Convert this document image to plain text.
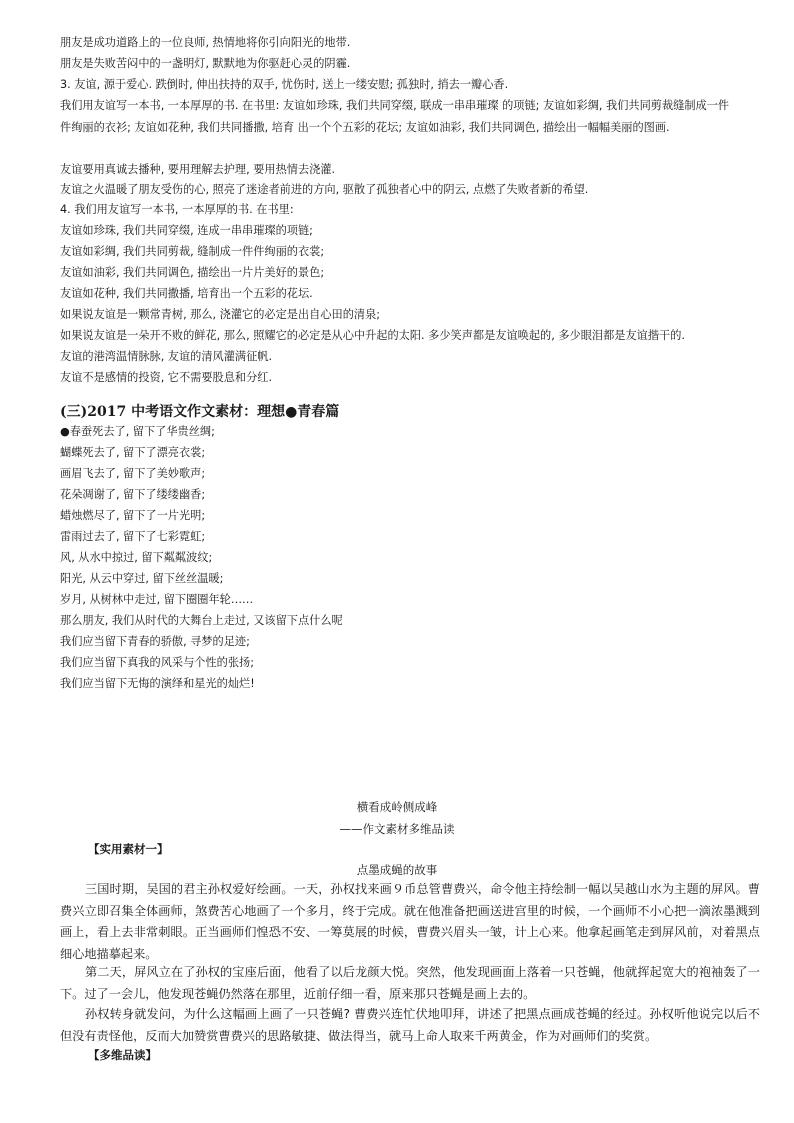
朋友是成功道路上的一位良师, 热情地将你引向阳光的地带.
朋友是失败苦闷中的一盏明灯, 默默地为你驱赶心灵的阴霾.
3. 友谊, 源于爱心. 跌倒时, 伸出扶持的双手, 忧伤时, 送上一缕安慰; 孤独时, 捎去一瓣心香.
我们用友谊写一本书, 一本厚厚的书. 在书里: 友谊如珍珠, 我们共同穿缀, 联成一串串璀璨 的项链; 友谊如彩绸, 我们共同剪裁缝制成一件件绚丽的衣衫; 友谊如花种, 我们共同播撒, 培育 出一个个五彩的花坛; 友谊如油彩, 我们共同调色, 描绘出一幅幅美丽的图画.
友谊要用真诚去播种, 要用理解去护理, 要用热情去浇灌.
友谊之火温暖了朋友受伤的心, 照亮了迷途者前进的方向, 驱散了孤独者心中的阴云, 点燃了失败者新的希望.
4. 我们用友谊写一本书, 一本厚厚的书. 在书里:
友谊如珍珠, 我们共同穿缀, 连成一串串璀璨的项链;
友谊如彩绸, 我们共同剪裁, 缝制成一件件绚丽的衣裳;
友谊如油彩, 我们共同调色, 描绘出一片片美好的景色;
友谊如花种, 我们共同撒播, 培育出一个五彩的花坛.
如果说友谊是一颗常青树, 那么, 浇灌它的必定是出自心田的清泉;
如果说友谊是一朵开不败的鲜花, 那么, 照耀它的必定是从心中升起的太阳. 多少笑声都是友谊唤起的, 多少眼泪都是友谊揩干的.
友谊的港湾温情脉脉, 友谊的清风灌满征帆.
友谊不是感情的投资, 它不需要股息和分红.
(三)2017 中考语文作文素材：理想●青春篇
●春蚕死去了, 留下了华贵丝绸;
蝴蝶死去了, 留下了漂亮衣裳;
画眉飞去了, 留下了美妙歌声;
花朵凋谢了, 留下了缕缕幽香;
蜡烛燃尽了, 留下了一片光明;
雷雨过去了, 留下了七彩霓虹;
风, 从水中掠过, 留下粼粼波纹;
阳光, 从云中穿过, 留下丝丝温暖;
岁月, 从树林中走过, 留下圈圈年轮……
那么朋友, 我们从时代的大舞台上走过, 又该留下点什么呢
我们应当留下青春的骄傲, 寻梦的足迹;
我们应当留下真我的风采与个性的张扬;
我们应当留下无悔的演绎和星光的灿烂!
横看成岭侧成峰
——作文素材多维品读
【实用素材一】
点墨成蝇的故事
三国时期，吴国的君主孙权爱好绘画。一天，孙权找来画９币总管曹费兴，命令他主持绘制一幅以吴越山水为主题的屏风。曹费兴立即召集全体画师，煞费苦心地画了一个多月，终于完成。就在他准备把画送进宫里的时候，一个画师不小心把一滴浓墨溅到画上，看上去非常刺眼。正当画师们惶恐不安、一筹莫展的时候，曹费兴眉头一皱，计上心来。他拿起画笔走到屏风前，对着黑点细心地描摹起来。
第二天，屏风立在了孙权的宝座后面，他看了以后龙颜大悦。突然，他发现画面上落着一只苍蝇，他就挥起宽大的袍袖轰了一下。过了一会儿，他发现苍蝇仍然落在那里，近前仔细一看，原来那只苍蝇是画上去的。
孙权转身就发问，为什么这幅画上画了一只苍蝇? 曹费兴连忙伏地叩拜，讲述了把黑点画成苍蝇的经过。孙权听他说完以后不但没有责怪他，反而大加赞赏曹费兴的思路敏捷、做法得当，就马上命人取来千两黄金，作为对画师们的奖赏。
【多维品读】
